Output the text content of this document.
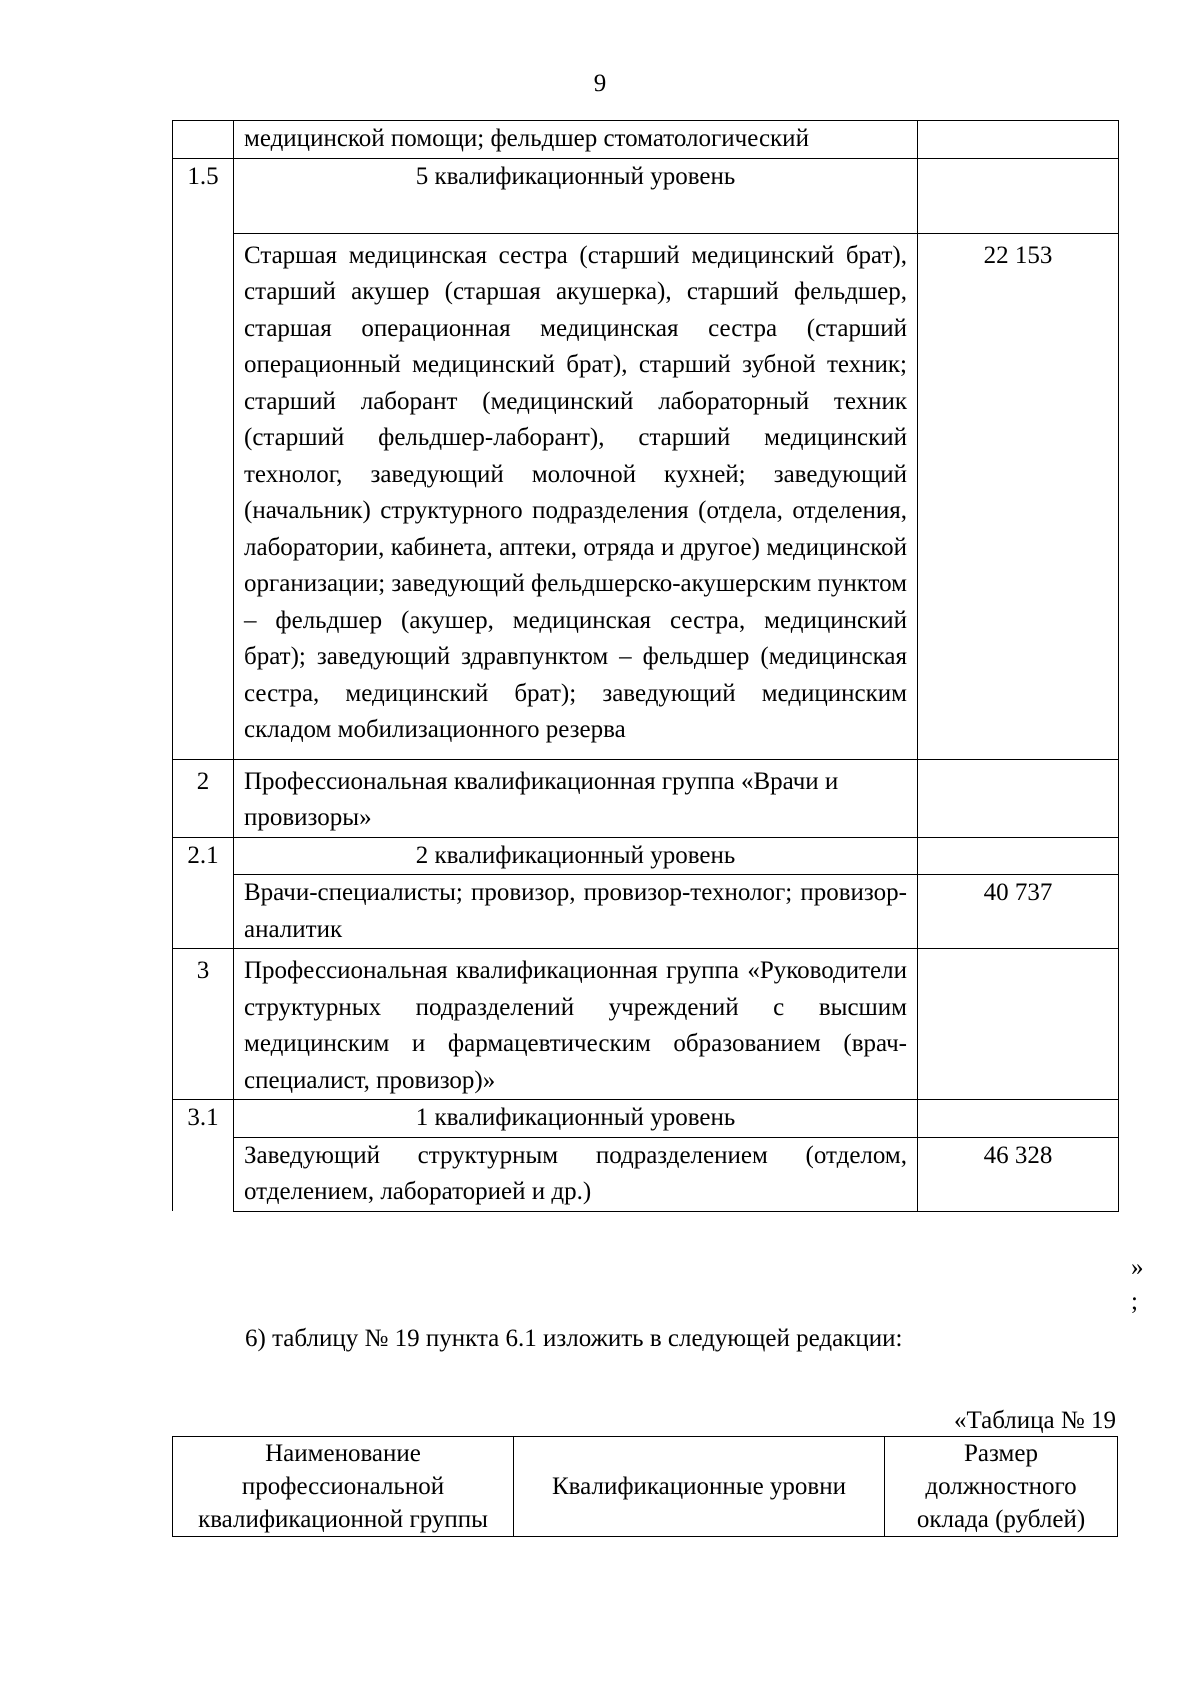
9
	медицинской помощи; фельдшер стоматологический	
1.5	5 квалификационный уровень	
	Старшая медицинская сестра (старший медицинский брат), старший акушер (старшая акушерка), старший фельдшер, старшая операционная медицинская сестра (старший операционный медицинский брат), старший зубной техник; старший лаборант (медицинский лабораторный техник (старший фельдшер-лаборант), старший медицинский технолог, заведующий молочной кухней; заведующий (начальник) структурного подразделения (отдела, отделения, лаборатории, кабинета, аптеки, отряда и другое) медицинской организации; заведующий фельдшерско-акушерским пунктом – фельдшер (акушер, медицинская сестра, медицинский брат); заведующий здравпунктом – фельдшер (медицинская сестра, медицинский брат); заведующий медицинским складом мобилизационного резерва	22 153
2	Профессиональная квалификационная группа «Врачи и провизоры»	
2.1	2 квалификационный уровень	
	Врачи-специалисты; провизор, провизор-технолог; провизор-аналитик	40 737
3	Профессиональная квалификационная группа «Руководители структурных подразделений учреждений с высшим медицинским и фармацевтическим образованием (врач-специалист, провизор)»	
3.1	1 квалификационный уровень	
	Заведующий структурным подразделением (отделом, отделением, лабораторией и др.)	46 328
»
;
6) таблицу № 19 пункта 6.1 изложить в следующей редакции:
«Таблица № 19
Наименование профессиональной квалификационной группы	Квалификационные уровни	Размер должностного оклада (рублей)
